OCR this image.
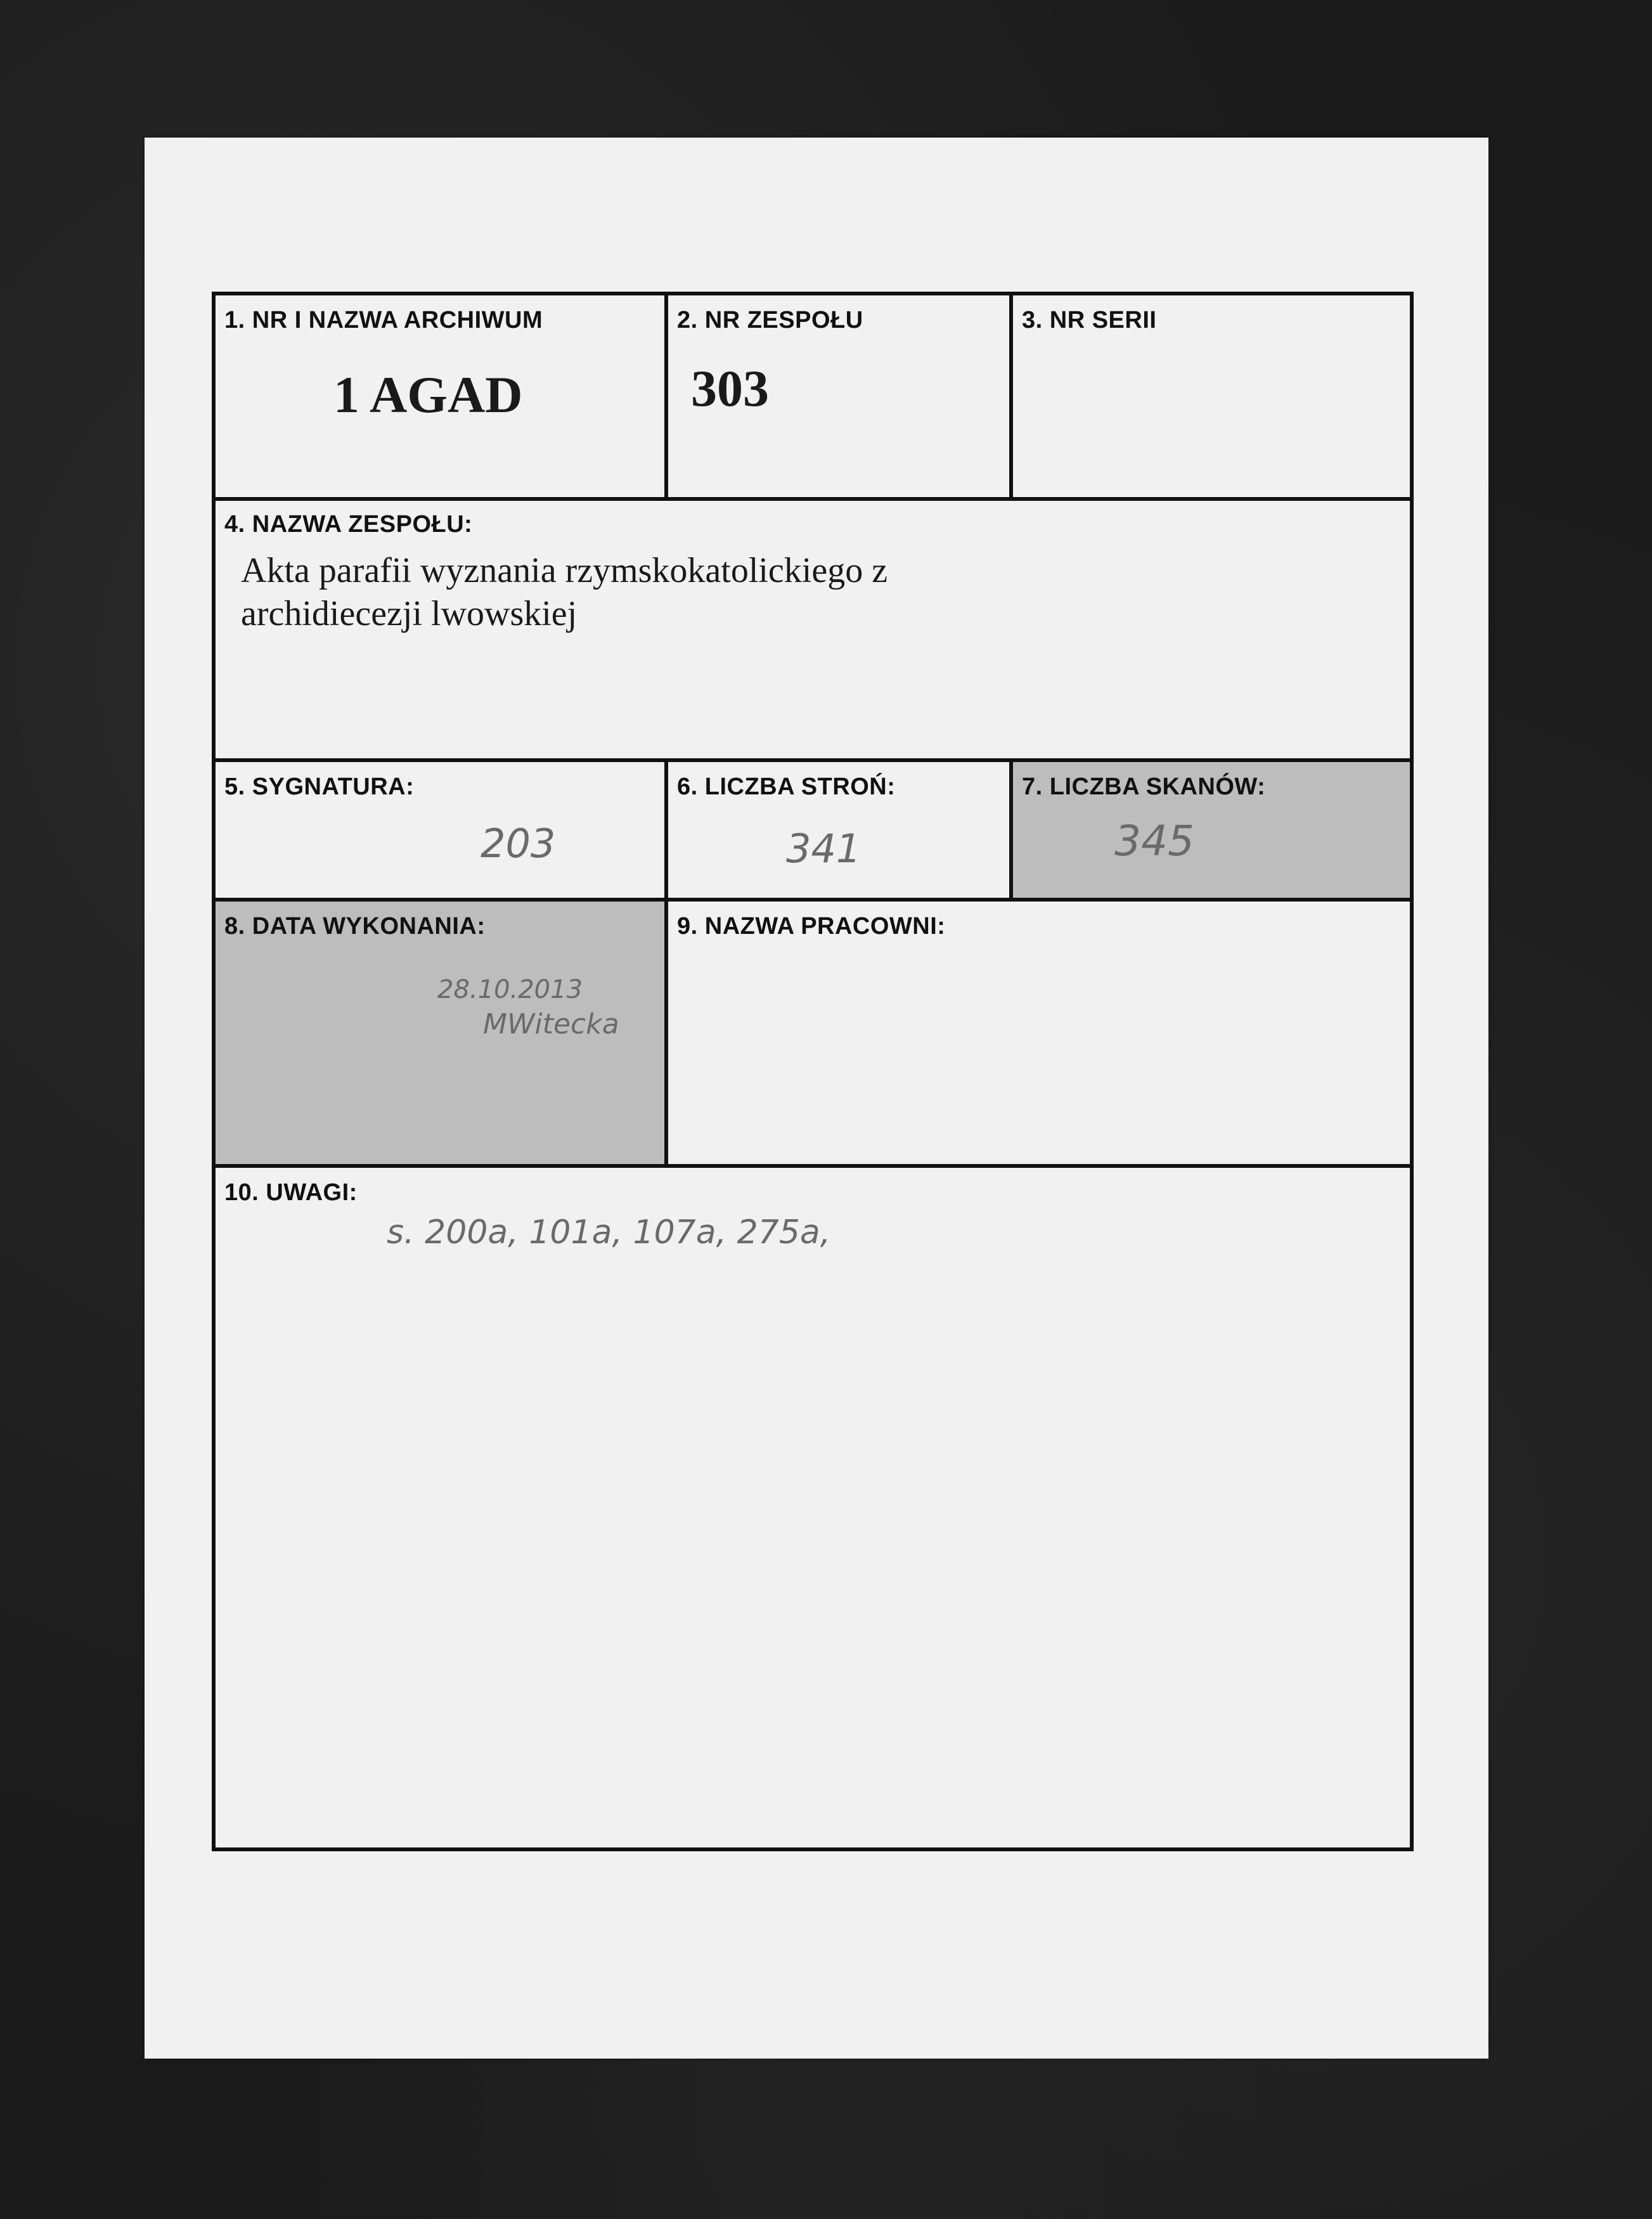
1. NR I NAZWA ARCHIWUM
1 AGAD
2. NR ZESPOŁU
303
3. NR SERII
4. NAZWA ZESPOŁU:
Akta parafii wyznania rzymskokatolickiego z
archidiecezji lwowskiej
5. SYGNATURA:
203
6. LICZBA STROŃ:
341
7. LICZBA SKANÓW:
345
8. DATA WYKONANIA:
28.10.2013
MWitecka
9. NAZWA PRACOWNI:
10. UWAGI:
s. 200a, 101a, 107a, 275a,
